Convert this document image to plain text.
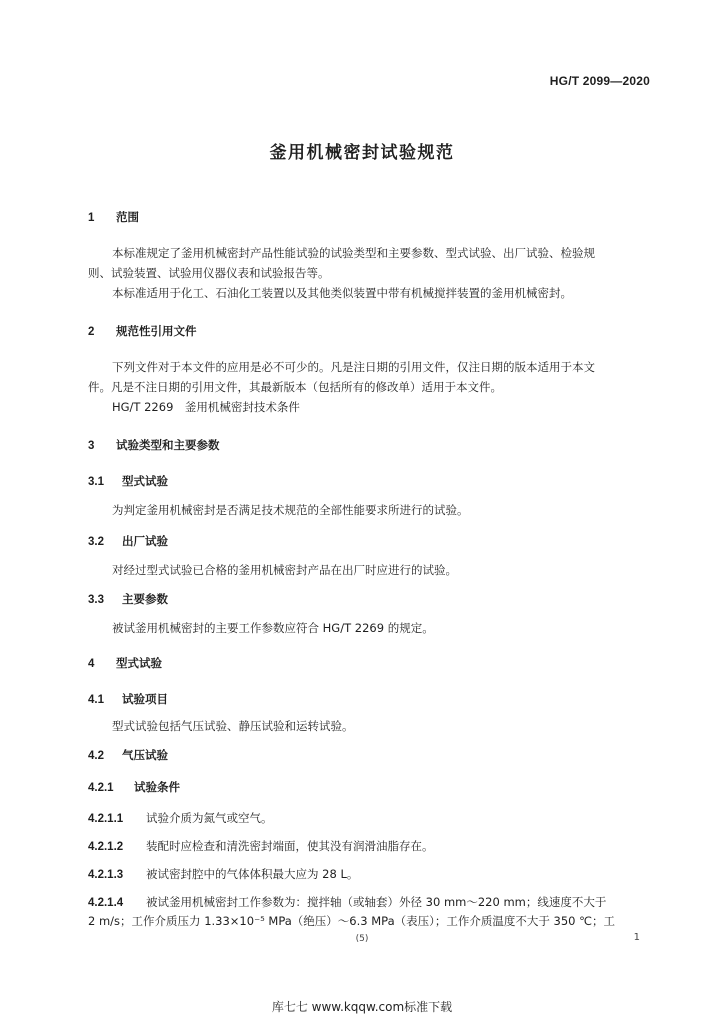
HG/T 2099—2020
釜用机械密封试验规范
1 范围
本标准规定了釜用机械密封产品性能试验的试验类型和主要参数、型式试验、出厂试验、检验规
则、试验装置、试验用仪器仪表和试验报告等。
本标准适用于化工、石油化工装置以及其他类似装置中带有机械搅拌装置的釜用机械密封。
2 规范性引用文件
下列文件对于本文件的应用是必不可少的。凡是注日期的引用文件，仅注日期的版本适用于本文
件。凡是不注日期的引用文件，其最新版本（包括所有的修改单）适用于本文件。
HG/T 2269　釜用机械密封技术条件
3 试验类型和主要参数
3.1 型式试验
为判定釜用机械密封是否满足技术规范的全部性能要求所进行的试验。
3.2 出厂试验
对经过型式试验已合格的釜用机械密封产品在出厂时应进行的试验。
3.3 主要参数
被试釜用机械密封的主要工作参数应符合 HG/T 2269 的规定。
4 型式试验
4.1 试验项目
型式试验包括气压试验、静压试验和运转试验。
4.2 气压试验
4.2.1 试验条件
4.2.1.1 试验介质为氮气或空气。
4.2.1.2 装配时应检查和清洗密封端面，使其没有润滑油脂存在。
4.2.1.3 被试密封腔中的气体体积最大应为 28 L。
4.2.1.4 被试釜用机械密封工作参数为：搅拌轴（或轴套）外径 30 mm～220 mm；线速度不大于
2 m/s；工作介质压力 1.33×10⁻⁵ MPa（绝压）～6.3 MPa（表压）；工作介质温度不大于 350 ℃；工
(5)	1
库七七 www.kqqw.com标准下载
